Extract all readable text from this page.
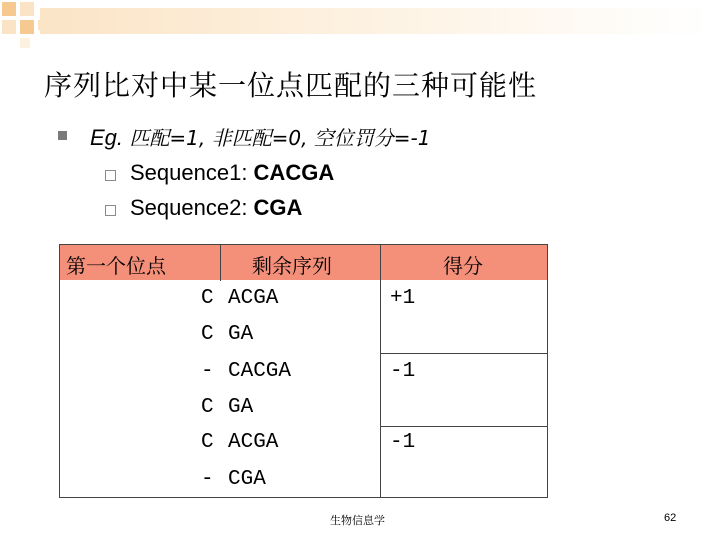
序列比对中某一位点匹配的三种可能性
Eg. 匹配=1, 非匹配=0, 空位罚分=-1
Sequence1: CACGA
Sequence2: CGA
第一个位点	剩余序列	得分
C ACGA	+1
C GA
- CACGA	-1
C GA
C ACGA	-1
- CGA
生物信息学	62
